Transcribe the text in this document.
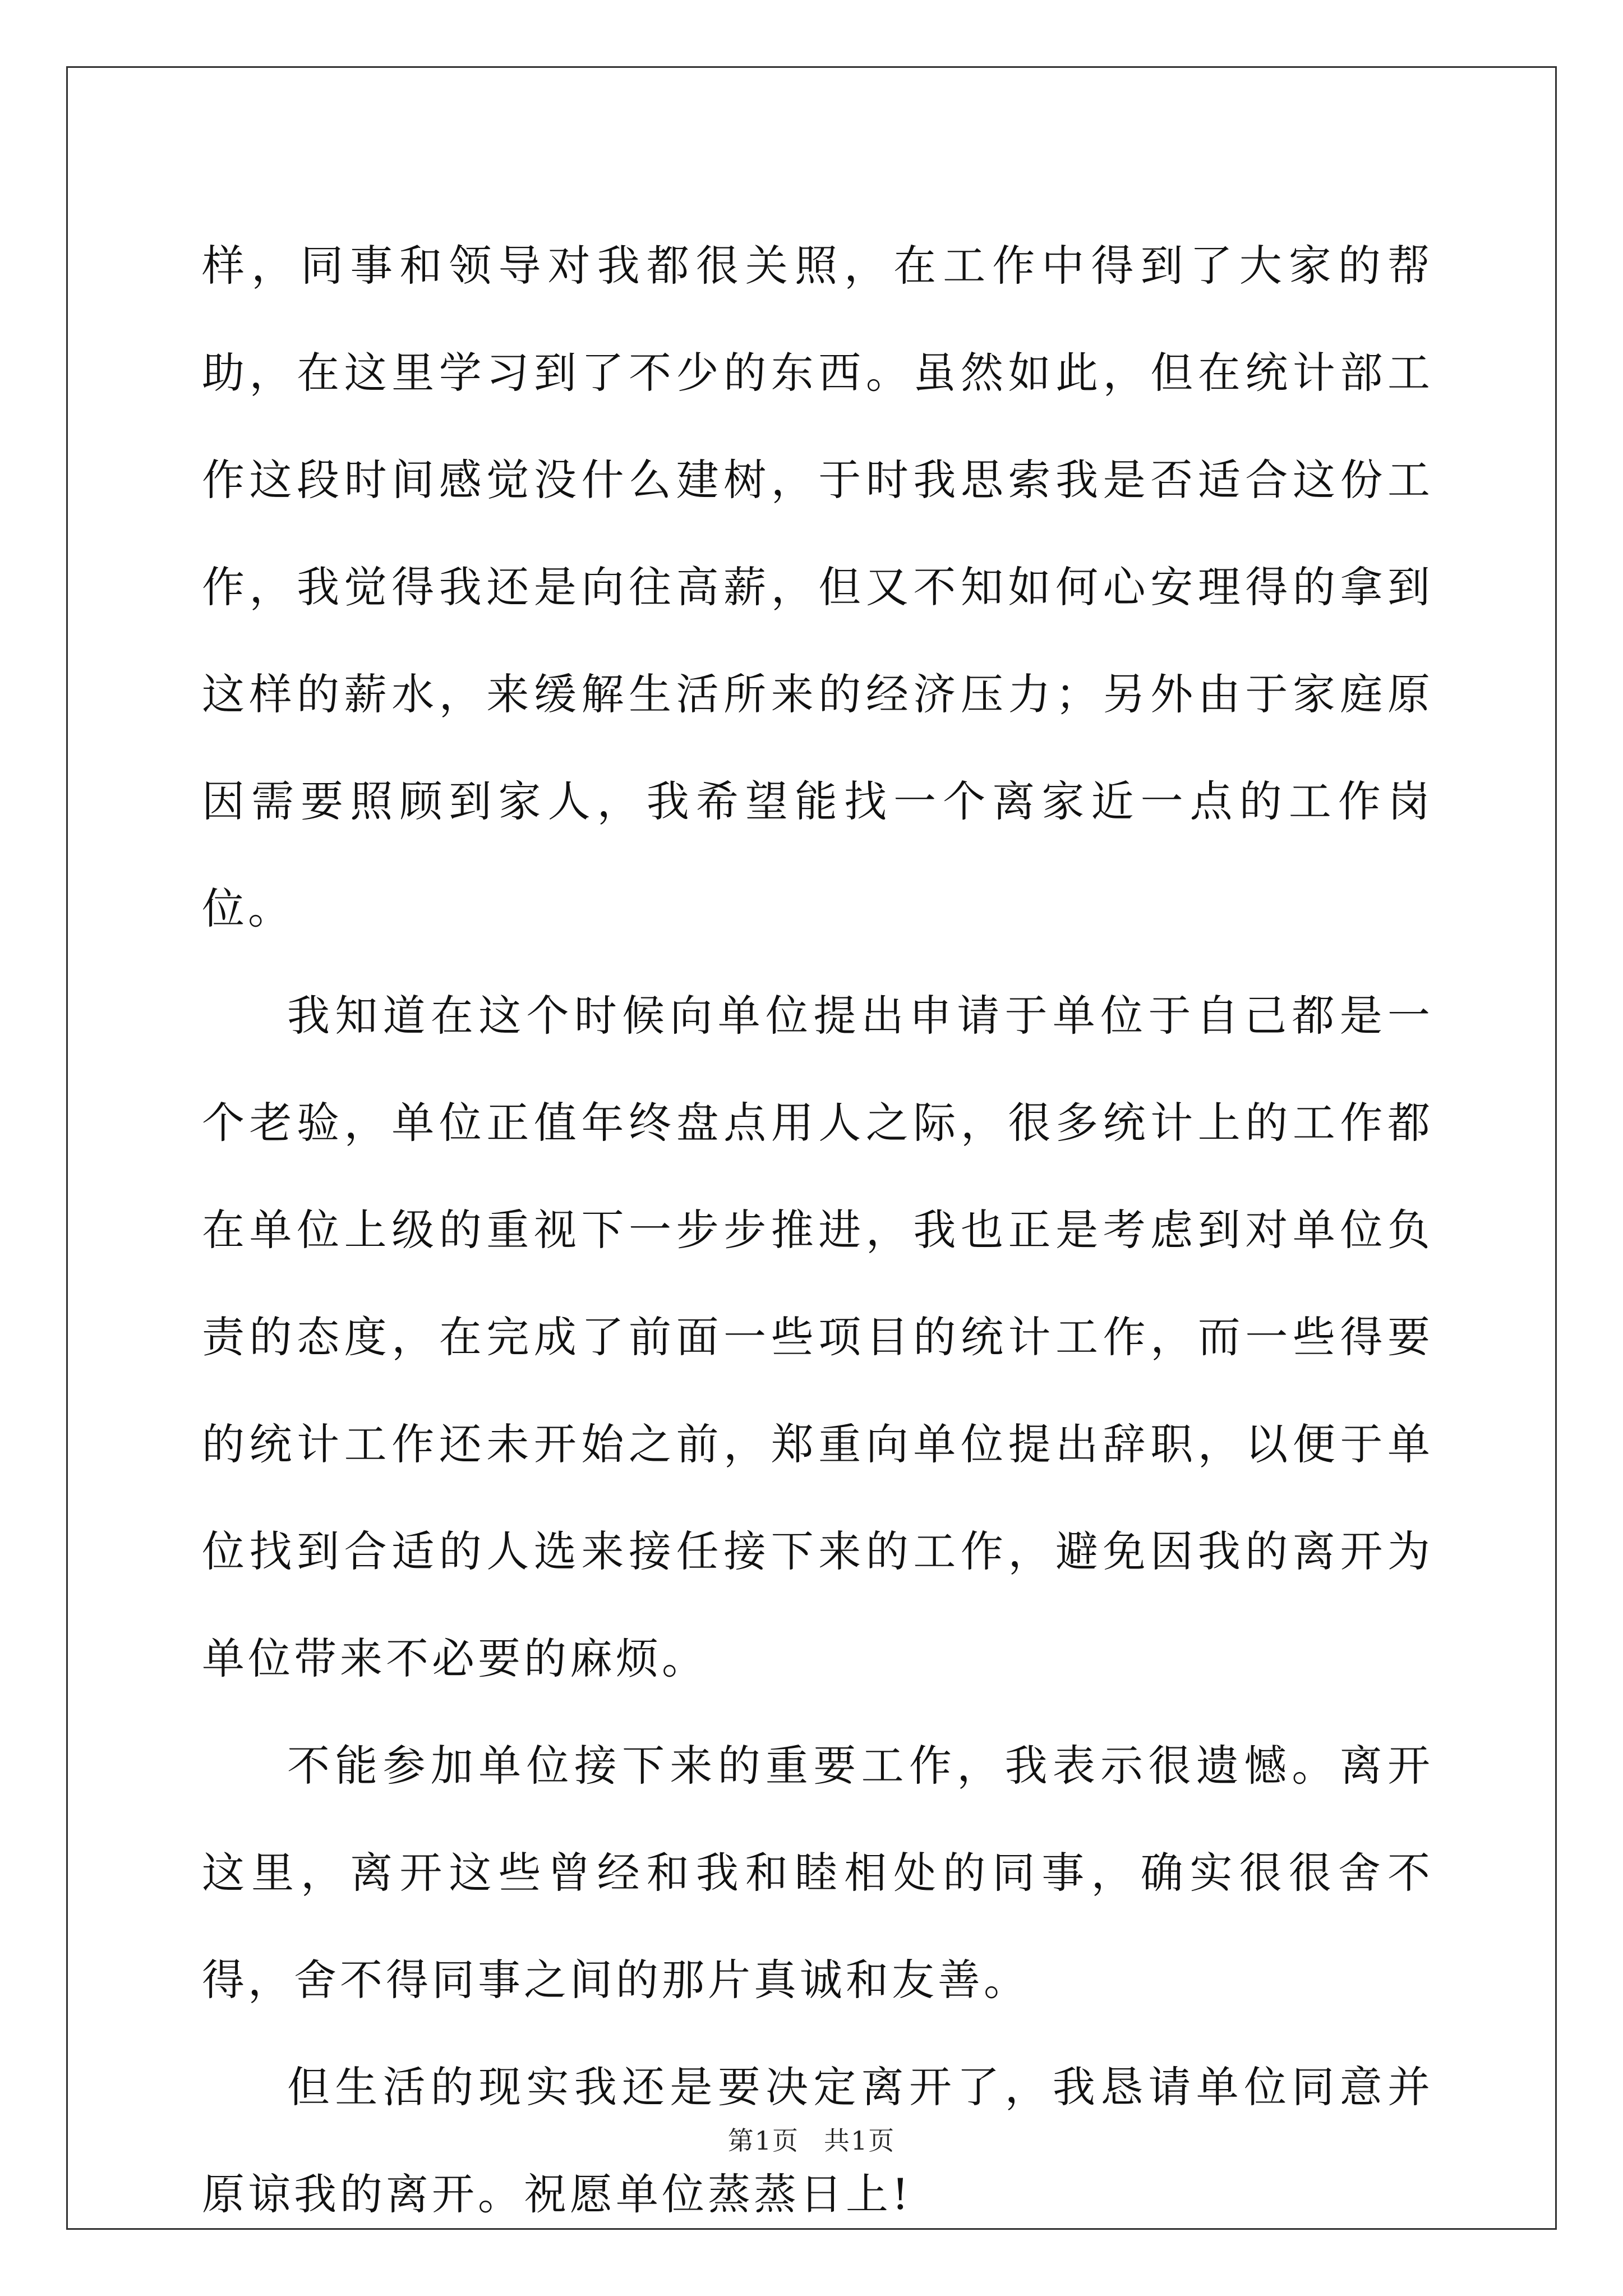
样，同事和领导对我都很关照，在工作中得到了大家的帮助，在这里学习到了不少的东西。虽然如此，但在统计部工作这段时间感觉没什么建树，于时我思索我是否适合这份工作，我觉得我还是向往高薪，但又不知如何心安理得的拿到这样的薪水，来缓解生活所来的经济压力；另外由于家庭原因需要照顾到家人，我希望能找一个离家近一点的工作岗位。

我知道在这个时候向单位提出申请于单位于自己都是一个老验，单位正值年终盘点用人之际，很多统计上的工作都在单位上级的重视下一步步推进，我也正是考虑到对单位负责的态度，在完成了前面一些项目的统计工作，而一些得要的统计工作还未开始之前，郑重向单位提出辞职，以便于单位找到合适的人选来接任接下来的工作，避免因我的离开为单位带来不必要的麻烦。

不能参加单位接下来的重要工作，我表示很遗憾。离开这里，离开这些曾经和我和睦相处的同事，确实很很舍不得，舍不得同事之间的那片真诚和友善。

但生活的现实我还是要决定离开了，我恳请单位同意并原谅我的离开。祝愿单位蒸蒸日上!

第1页 共1页
